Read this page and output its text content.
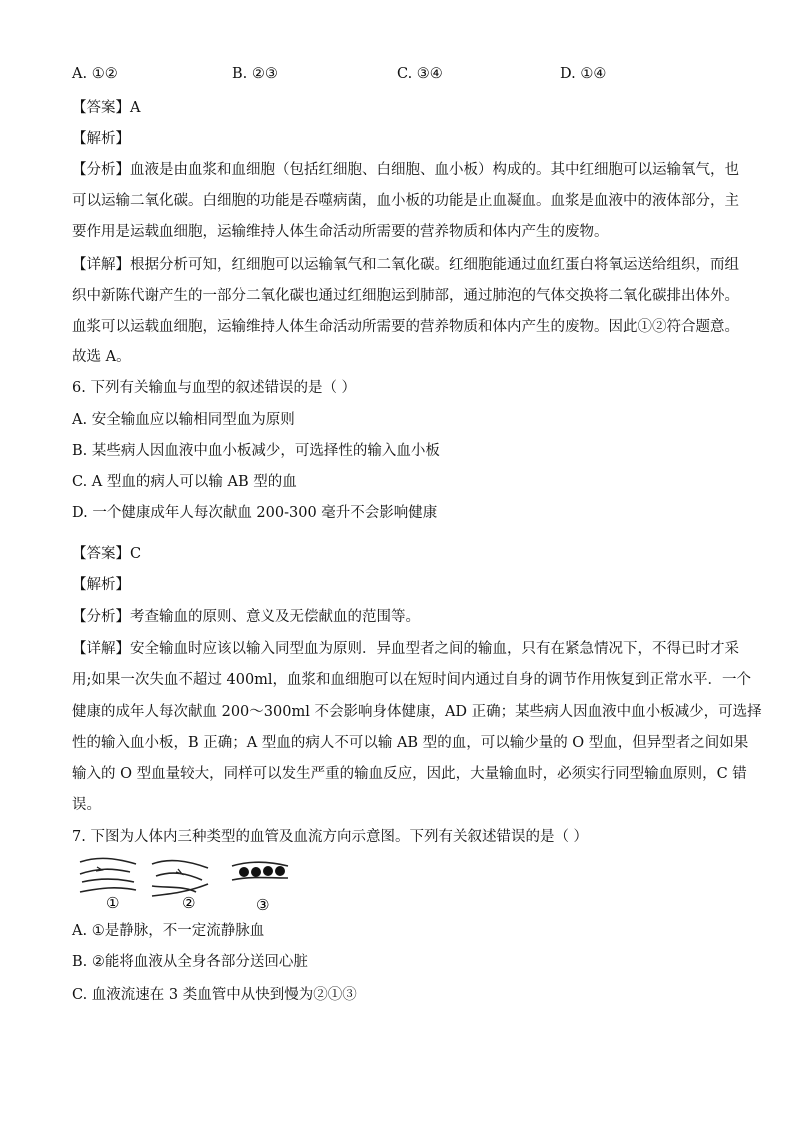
A. ①②	B. ②③	C. ③④	D. ①④
【答案】A
【解析】
【分析】血液是由血浆和血细胞（包括红细胞、白细胞、血小板）构成的。其中红细胞可以运输氧气，也
可以运输二氧化碳。白细胞的功能是吞噬病菌，血小板的功能是止血凝血。血浆是血液中的液体部分，主
要作用是运载血细胞，运输维持人体生命活动所需要的营养物质和体内产生的废物。
【详解】根据分析可知，红细胞可以运输氧气和二氧化碳。红细胞能通过血红蛋白将氧运送给组织，而组
织中新陈代谢产生的一部分二氧化碳也通过红细胞运到肺部，通过肺泡的气体交换将二氧化碳排出体外。
血浆可以运载血细胞，运输维持人体生命活动所需要的营养物质和体内产生的废物。因此①②符合题意。
故选 A。
6. 下列有关输血与血型的叙述错误的是（ ）
A. 安全输血应以输相同型血为原则
B. 某些病人因血液中血小板减少，可选择性的输入血小板
C. A 型血的病人可以输 AB 型的血
D. 一个健康成年人每次献血 200-300 毫升不会影响健康
【答案】C
【解析】
【分析】考查输血的原则、意义及无偿献血的范围等。
【详解】安全输血时应该以输入同型血为原则．异血型者之间的输血，只有在紧急情况下，不得已时才采
用;如果一次失血不超过 400ml，血浆和血细胞可以在短时间内通过自身的调节作用恢复到正常水平．一个
健康的成年人每次献血 200～300ml 不会影响身体健康，AD 正确；某些病人因血液中血小板减少，可选择
性的输入血小板，B 正确；A 型血的病人不可以输 AB 型的血，可以输少量的 O 型血，但异型者之间如果
输入的 O 型血量较大，同样可以发生严重的输血反应，因此，大量输血时，必须实行同型输血原则，C 错
误。
7. 下图为人体内三种类型的血管及血流方向示意图。下列有关叙述错误的是（ ）
①	②	③
A. ①是静脉，不一定流静脉血
B. ②能将血液从全身各部分送回心脏
C. 血液流速在 3 类血管中从快到慢为②①③
